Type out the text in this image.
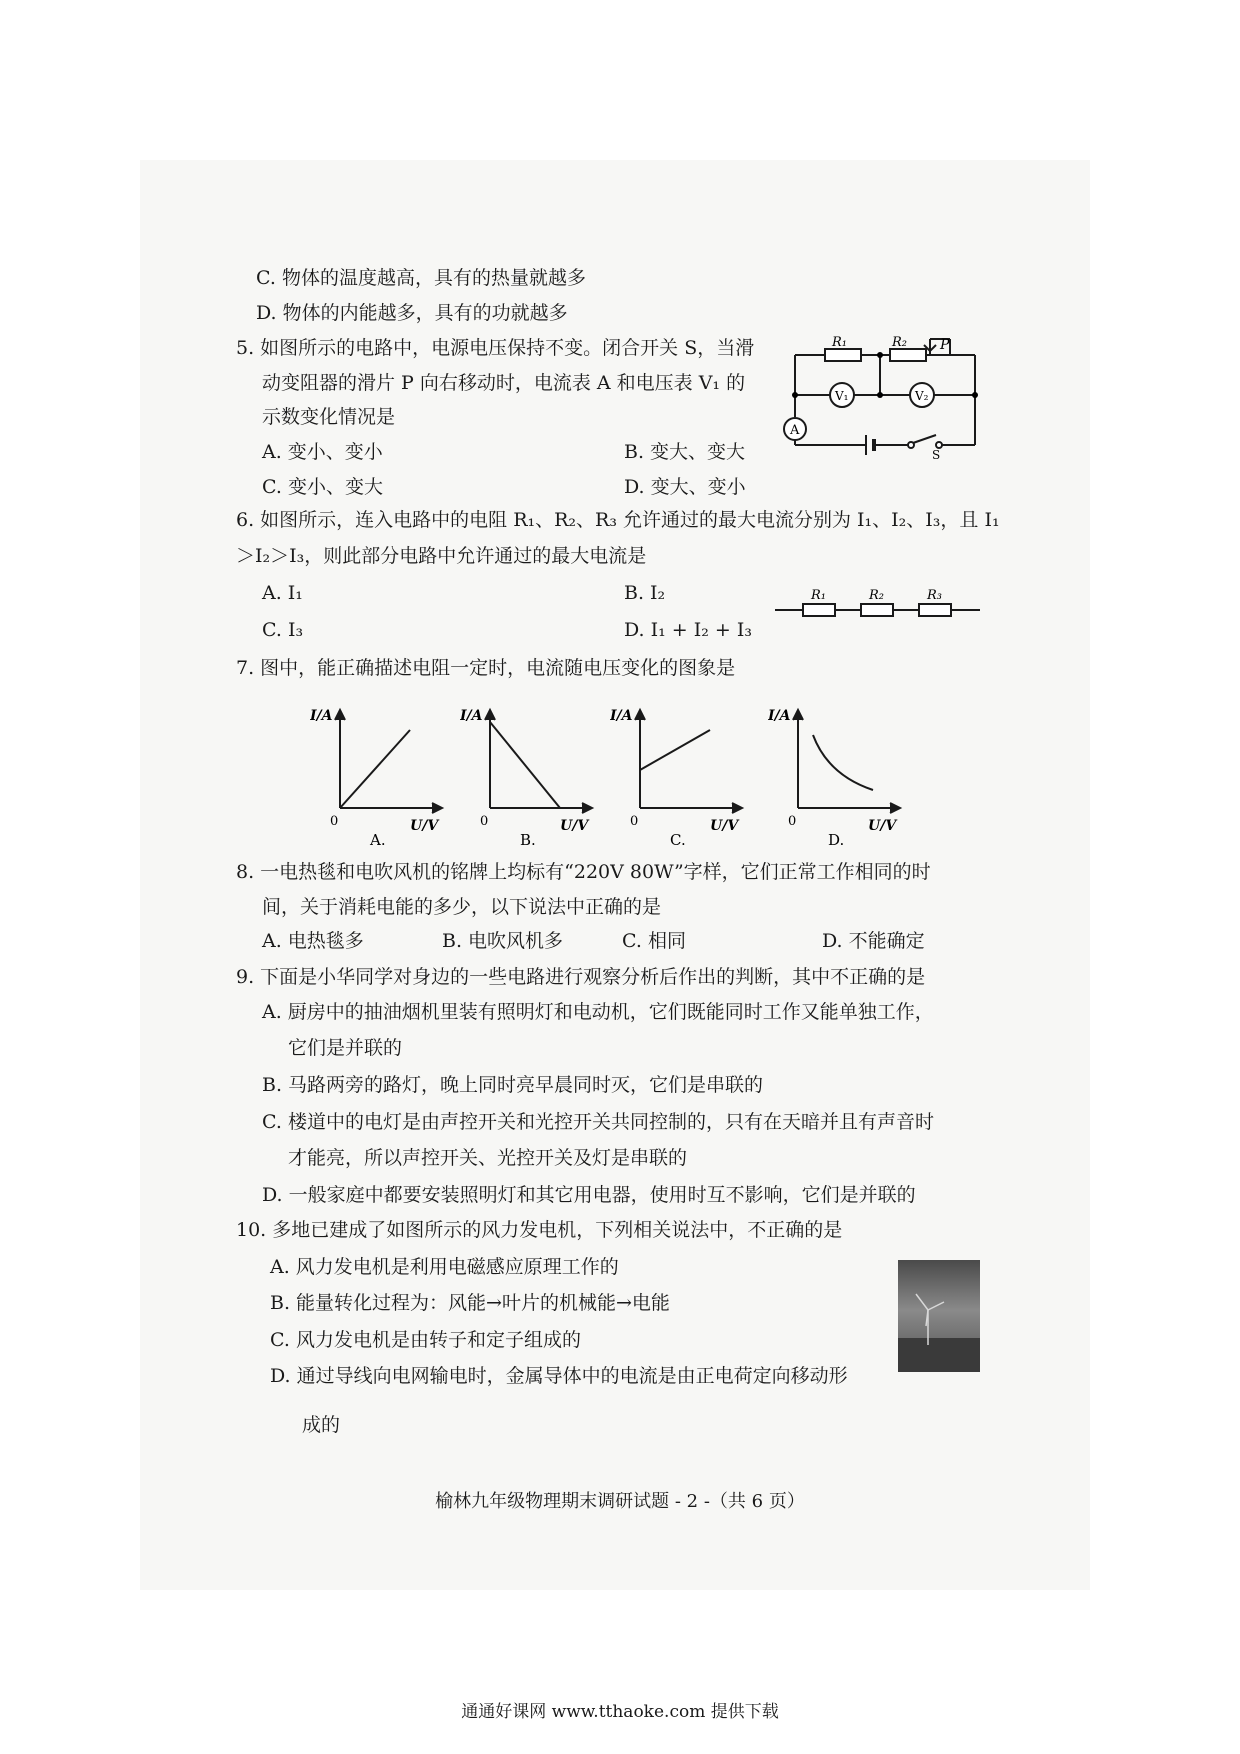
C. 物体的温度越高，具有的热量就越多
D. 物体的内能越多，具有的功就越多
5. 如图所示的电路中，电源电压保持不变。闭合开关 S，当滑
动变阻器的滑片 P 向右移动时，电流表 A 和电压表 V₁ 的
示数变化情况是
A. 变小、变小	B. 变大、变大
C. 变小、变大	D. 变大、变小
R₁	R₂ P
V₁	V₂
A
S
6. 如图所示，连入电路中的电阻 R₁、R₂、R₃ 允许通过的最大电流分别为 I₁、I₂、I₃，且 I₁
＞I₂＞I₃，则此部分电路中允许通过的最大电流是
A. I₁	B. I₂
C. I₃	D. I₁ + I₂ + I₃
R₁	R₂	R₃
7. 图中，能正确描述电阻一定时，电流随电压变化的图象是
I/A
0	U/V
A.
I/A
0	U/V
B.
I/A
0	U/V
C.
I/A
0	U/V
D.
8. 一电热毯和电吹风机的铭牌上均标有“220V 80W”字样，它们正常工作相同的时
间，关于消耗电能的多少，以下说法中正确的是
A. 电热毯多	B. 电吹风机多	C. 相同	D. 不能确定
9. 下面是小华同学对身边的一些电路进行观察分析后作出的判断，其中不正确的是
A. 厨房中的抽油烟机里装有照明灯和电动机，它们既能同时工作又能单独工作，
它们是并联的
B. 马路两旁的路灯，晚上同时亮早晨同时灭，它们是串联的
C. 楼道中的电灯是由声控开关和光控开关共同控制的，只有在天暗并且有声音时
才能亮，所以声控开关、光控开关及灯是串联的
D. 一般家庭中都要安装照明灯和其它用电器，使用时互不影响，它们是并联的
10. 多地已建成了如图所示的风力发电机，下列相关说法中，不正确的是
A. 风力发电机是利用电磁感应原理工作的
B. 能量转化过程为：风能→叶片的机械能→电能
C. 风力发电机是由转子和定子组成的
D. 通过导线向电网输电时，金属导体中的电流是由正电荷定向移动形
成的
榆林九年级物理期末调研试题 - 2 -（共 6 页）
通通好课网 www.tthaoke.com 提供下载
